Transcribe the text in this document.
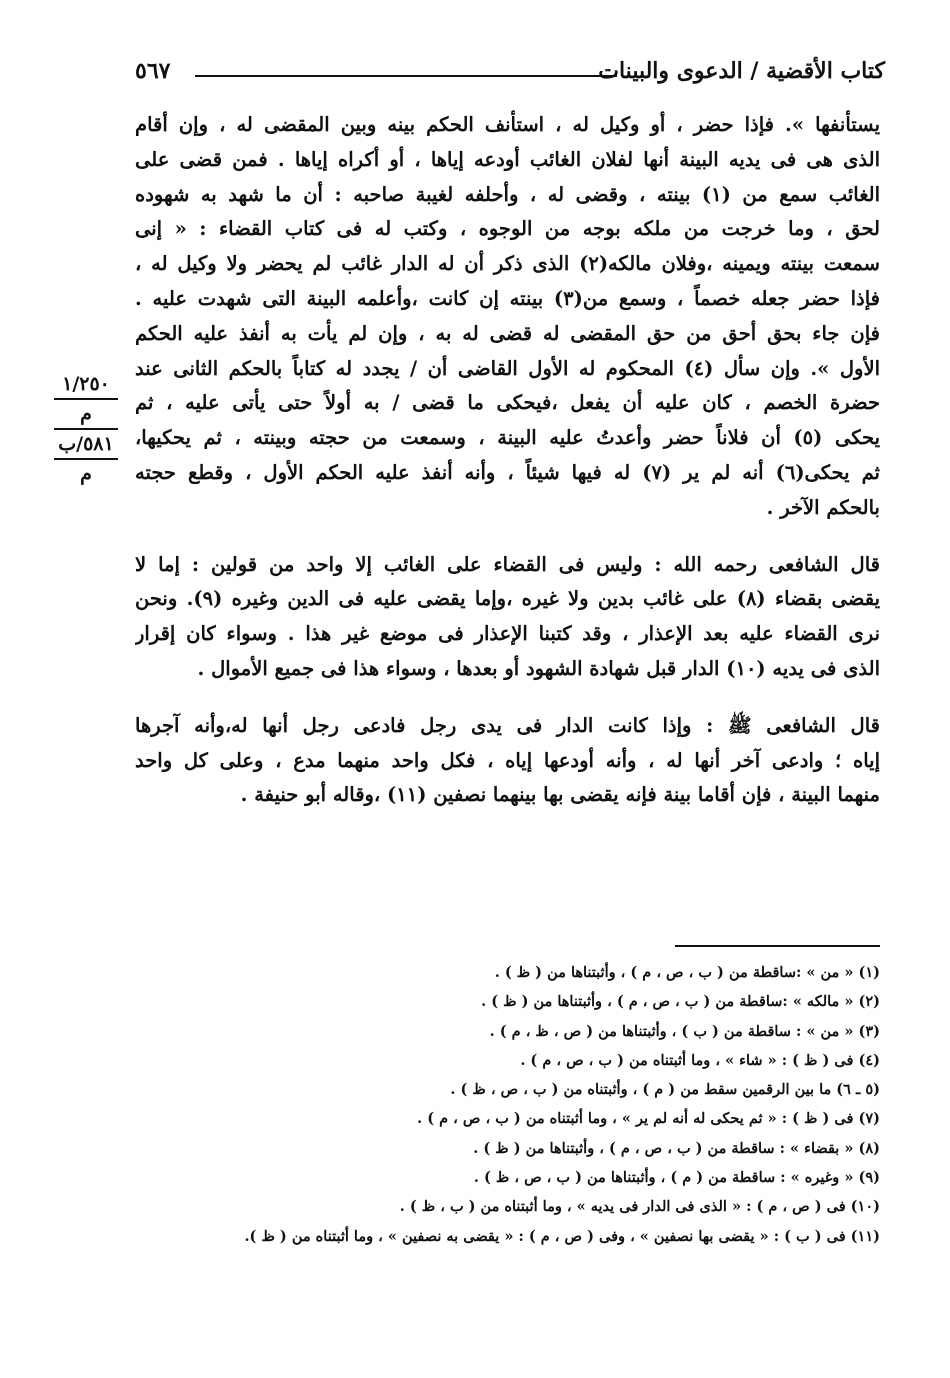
كتاب الأقضية / الدعوى والبينات
٥٦٧
١/٢٥٠
م
٥٨١/ب
م
يستأنفها ». فإذا حضر ، أو وكيل له ، استأنف الحكم بينه وبين المقضى له ، وإن أقام
الذى هى فى يديه البينة أنها لفلان الغائب أودعه إياها ، أو أكراه إياها . فمن قضى على
الغائب سمع من (١) بينته ، وقضى له ، وأحلفه لغيبة صاحبه : أن ما شهد به شهوده
لحق ، وما خرجت من ملكه بوجه من الوجوه ، وكتب له فى كتاب القضاء : « إنى
سمعت بينته ويمينه ،وفلان مالكه(٢) الذى ذكر أن له الدار غائب لم يحضر ولا وكيل له ،
فإذا حضر جعله خصماً ، وسمع من(٣) بينته إن كانت ،وأعلمه البينة التى شهدت عليه .
فإن جاء بحق أحق من حق المقضى له قضى له به ، وإن لم يأت به أنفذ عليه الحكم
الأول ». وإن سأل (٤) المحكوم له الأول القاضى أن / يجدد له كتاباً بالحكم الثانى عند
حضرة الخصم ، كان عليه أن يفعل ،فيحكى ما قضى / به أولاً حتى يأتى عليه ، ثم
يحكى (٥) أن فلاناً حضر وأعدتُ عليه البينة ، وسمعت من حجته وبينته ، ثم يحكيها،
ثم يحكى(٦) أنه لم ير (٧) له فيها شيئاً ، وأنه أنفذ عليه الحكم الأول ، وقطع حجته
بالحكم الآخر .
قال الشافعى رحمه الله : وليس فى القضاء على الغائب إلا واحد من قولين : إما لا
يقضى بقضاء (٨) على غائب بدين ولا غيره ،وإما يقضى عليه فى الدين وغيره (٩). ونحن
نرى القضاء عليه بعد الإعذار ، وقد كتبنا الإعذار فى موضع غير هذا . وسواء كان إقرار
الذى فى يديه (١٠) الدار قبل شهادة الشهود أو بعدها ، وسواء هذا فى جميع الأموال .
قال الشافعى ﷺ : وإذا كانت الدار فى يدى رجل فادعى رجل أنها له،وأنه آجرها
إياه ؛ وادعى آخر أنها له ، وأنه أودعها إياه ، فكل واحد منهما مدع ، وعلى كل واحد
منهما البينة ، فإن أقاما بينة فإنه يقضى بها بينهما نصفين (١١) ،وقاله أبو حنيفة .
(١) « من » :ساقطة من ( ب ، ص ، م ) ، وأثبتناها من ( ظ ) .
(٢) « مالكه » :ساقطة من ( ب ، ص ، م ) ، وأثبتناها من ( ظ ) .
(٣) « من » : ساقطة من ( ب ) ، وأثبتناها من ( ص ، ظ ، م ) .
(٤) فى ( ظ ) : « شاء » ، وما أثبتناه من ( ب ، ص ، م ) .
(٥ ـ ٦) ما بين الرقمين سقط من ( م ) ، وأثبتناه من ( ب ، ص ، ظ ) .
(٧) فى ( ظ ) : « ثم يحكى له أنه لم ير » ، وما أثبتناه من ( ب ، ص ، م ) .
(٨) « بقضاء » : ساقطة من ( ب ، ص ، م ) ، وأثبتناها من ( ظ ) .
(٩) « وغيره » : ساقطة من ( م ) ، وأثبتناها من ( ب ، ص ، ظ ) .
(١٠) فى ( ص ، م ) : « الذى فى الدار فى يديه » ، وما أثبتناه من ( ب ، ظ ) .
(١١) فى ( ب ) : « يقضى بها نصفين » ، وفى ( ص ، م ) : « يقضى به نصفين » ، وما أثبتناه من ( ظ ).
